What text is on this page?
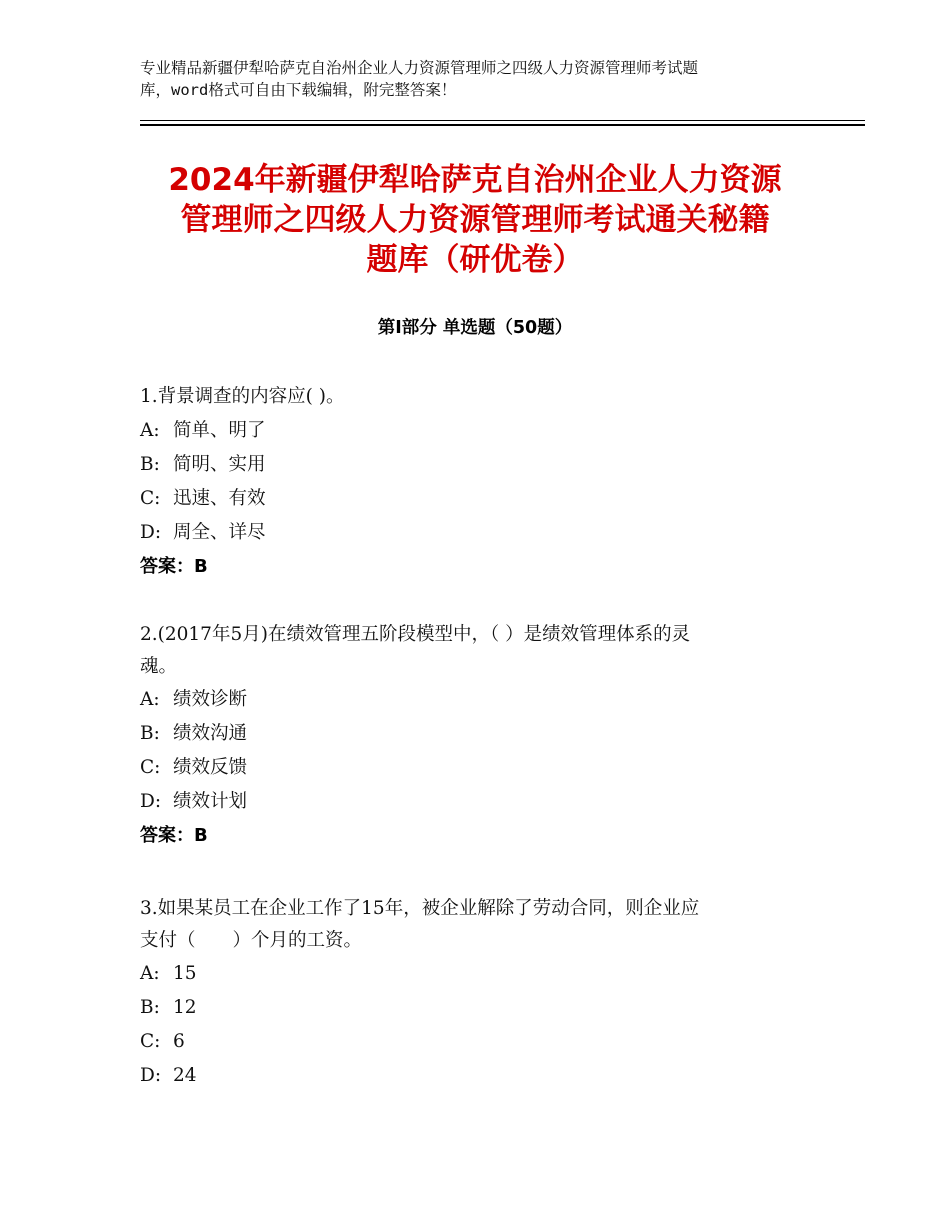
专业精品新疆伊犁哈萨克自治州企业人力资源管理师之四级人力资源管理师考试题
库，word格式可自由下载编辑，附完整答案！
2024年新疆伊犁哈萨克自治州企业人力资源
管理师之四级人力资源管理师考试通关秘籍
题库（研优卷）
第Ⅰ部分 单选题（50题）
1.背景调查的内容应( )。
A: 简单、明了
B: 简明、实用
C: 迅速、有效
D: 周全、详尽
答案：B
2.(2017年5月)在绩效管理五阶段模型中，（ ）是绩效管理体系的灵
魂。
A: 绩效诊断
B: 绩效沟通
C: 绩效反馈
D: 绩效计划
答案：B
3.如果某员工在企业工作了15年，被企业解除了劳动合同，则企业应
支付（　　）个月的工资。
A: 15
B: 12
C: 6
D: 24
